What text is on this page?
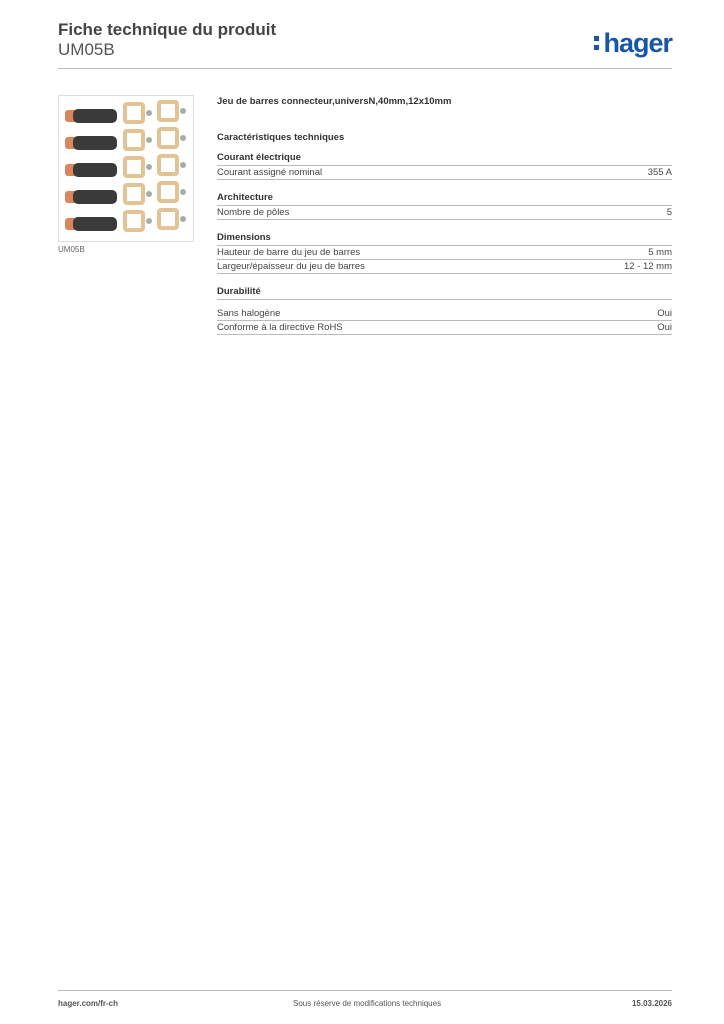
Fiche technique du produit
UM05B	hager
UM05B
Jeu de barres connecteur,universN,40mm,12x10mm
Caractéristiques techniques
Courant électrique
Courant assigné nominal	355 A
Architecture
Nombre de pôles	5
Dimensions
Hauteur de barre du jeu de barres	5 mm
Largeur/épaisseur du jeu de barres	12 - 12 mm
Durabilité
Sans halogène	Oui
Conforme à la directive RoHS	Oui
hager.com/fr-ch	Sous réserve de modifications techniques	15.03.2026
